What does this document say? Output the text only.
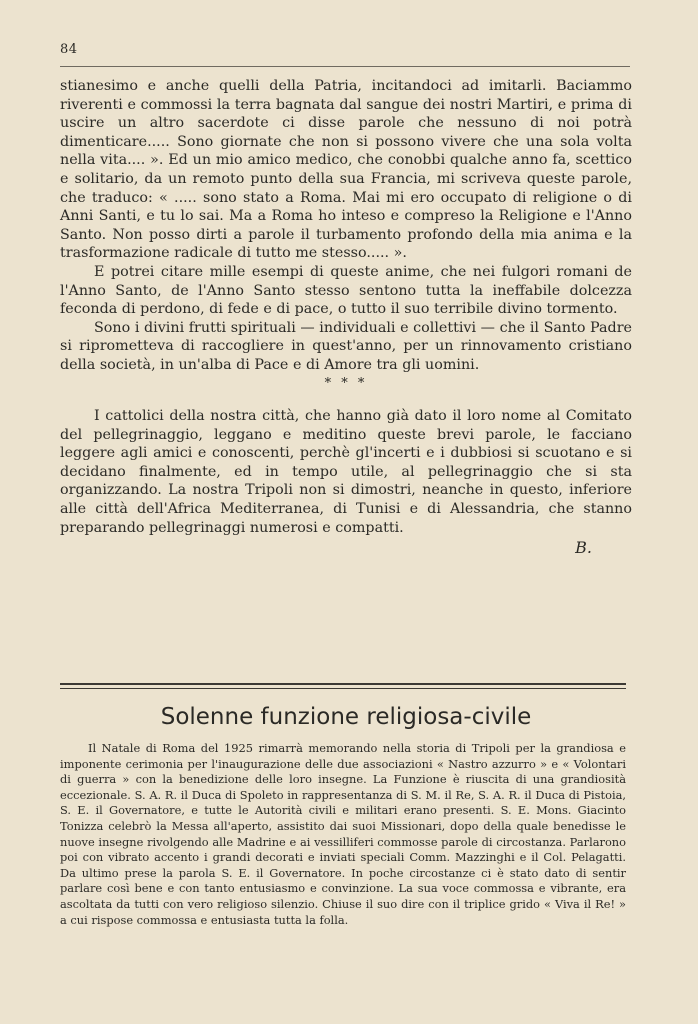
84

stianesimo e anche quelli della Patria, incitandoci ad imitarli. Baciammo riverenti e commossi la terra bagnata dal sangue dei nostri Martiri, e prima di uscire un altro sacerdote ci disse parole che nessuno di noi potrà dimenticare..... Sono giornate che non si possono vivere che una sola volta nella vita.... ». Ed un mio amico medico, che conobbi qualche anno fa, scettico e solitario, da un remoto punto della sua Francia, mi scriveva queste parole, che traduco: « ..... sono stato a Roma. Mai mi ero occupato di religione o di Anni Santi, e tu lo sai. Ma a Roma ho inteso e compreso la Religione e l'Anno Santo. Non posso dirti a parole il turbamento profondo della mia anima e la trasformazione radicale di tutto me stesso..... ».

E potrei citare mille esempi di queste anime, che nei fulgori romani de l'Anno Santo, de l'Anno Santo stesso sentono tutta la ineffabile dolcezza feconda di perdono, di fede e di pace, o tutto il suo terribile divino tormento.

Sono i divini frutti spirituali — individuali e collettivi — che il Santo Padre si riprometteva di raccogliere in quest'anno, per un rinnovamento cristiano della società, in un'alba di Pace e di Amore tra gli uomini.

* * *

I cattolici della nostra città, che hanno già dato il loro nome al Comitato del pellegrinaggio, leggano e meditino queste brevi parole, le facciano leggere agli amici e conoscenti, perchè gl'incerti e i dubbiosi si scuotano e si decidano finalmente, ed in tempo utile, al pellegrinaggio che si sta organizzando. La nostra Tripoli non si dimostri, neanche in questo, inferiore alle città dell'Africa Mediterranea, di Tunisi e di Alessandria, che stanno preparando pellegrinaggi numerosi e compatti.

B.
Solenne funzione religiosa-civile

Il Natale di Roma del 1925 rimarrà memorando nella storia di Tripoli per la grandiosa e imponente cerimonia per l'inaugurazione delle due associazioni « Nastro azzurro » e « Volontari di guerra » con la benedizione delle loro insegne. La Funzione è riuscita di una grandiosità eccezionale. S. A. R. il Duca di Spoleto in rappresentanza di S. M. il Re, S. A. R. il Duca di Pistoia, S. E. il Governatore, e tutte le Autorità civili e militari erano presenti. S. E. Mons. Giacinto Tonizza celebrò la Messa all'aperto, assistito dai suoi Missionari, dopo della quale benedisse le nuove insegne rivolgendo alle Madrine e ai vessilliferi commosse parole di circostanza. Parlarono poi con vibrato accento i grandi decorati e inviati speciali Comm. Mazzinghi e il Col. Pelagatti. Da ultimo prese la parola S. E. il Governatore. In poche circostanze ci è stato dato di sentir parlare così bene e con tanto entusiasmo e convinzione. La sua voce commossa e vibrante, era ascoltata da tutti con vero religioso silenzio. Chiuse il suo dire con il triplice grido « Viva il Re! » a cui rispose commossa e entusiasta tutta la folla.
